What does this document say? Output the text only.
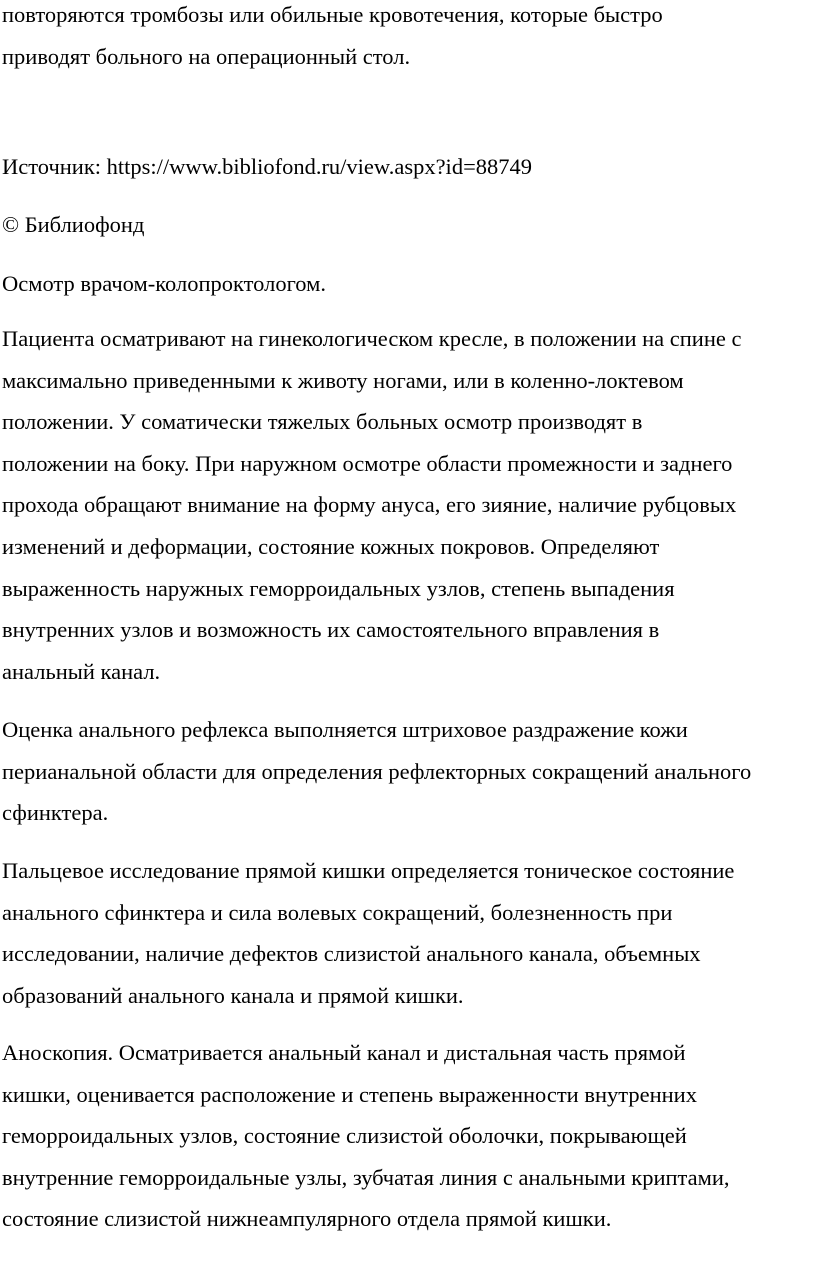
повторяются тромбозы или обильные кровотечения, которые быстро
приводят больного на операционный стол.

Источник: https://www.bibliofond.ru/view.aspx?id=88749

© Библиофонд

Осмотр врачом-колопроктологом.

Пациента осматривают на гинекологическом кресле, в положении на спине с
максимально приведенными к животу ногами, или в коленно-локтевом
положении. У соматически тяжелых больных осмотр производят в
положении на боку. При наружном осмотре области промежности и заднего
прохода обращают внимание на форму ануса, его зияние, наличие рубцовых
изменений и деформации, состояние кожных покровов. Определяют
выраженность наружных геморроидальных узлов, степень выпадения
внутренних узлов и возможность их самостоятельного вправления в
анальный канал.

Оценка анального рефлекса выполняется штриховое раздражение кожи
перианальной области для определения рефлекторных сокращений анального
сфинктера.

Пальцевое исследование прямой кишки определяется тоническое состояние
анального сфинктера и сила волевых сокращений, болезненность при
исследовании, наличие дефектов слизистой анального канала, объемных
образований анального канала и прямой кишки.

Аноскопия. Осматривается анальный канал и дистальная часть прямой
кишки, оценивается расположение и степень выраженности внутренних
геморроидальных узлов, состояние слизистой оболочки, покрывающей
внутренние геморроидальные узлы, зубчатая линия с анальными криптами,
состояние слизистой нижнеампулярного отдела прямой кишки.
